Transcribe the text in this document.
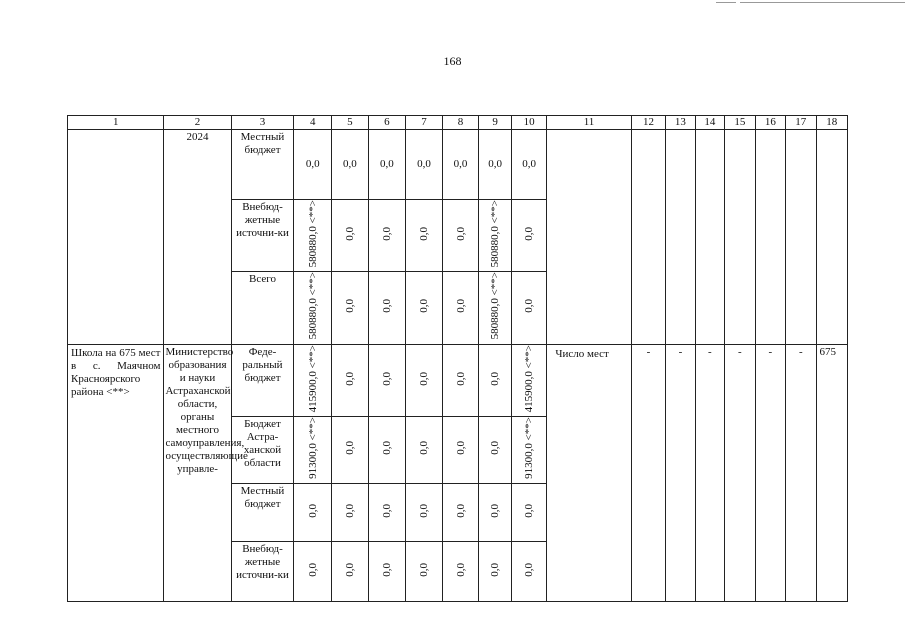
168
1	2	3	4	5	6	7	8	9	10	11	12	13	14	15	16	17	18
	2024	Местный бюджет	0,0	0,0	0,0	0,0	0,0	0,0	0,0								
		Внебюд-жетные источни-ки	580880,0 <**>	0,0	0,0	0,0	0,0	580880,0 <**>	0,0								
		Всего	580880,0 <**>	0,0	0,0	0,0	0,0	580880,0 <**>	0,0								
Школа на 675 мест в с. Маячном Красноярского района <**>	Министерство образования и науки Астраханской области, органы местного самоуправления, осуществляющие управле-	Феде-ральный бюджет	415900,0 <**>	0,0	0,0	0,0	0,0	0,0	415900,0 <**>	Число мест	-	-	-	-	-	-	675
		Бюджет Астра-ханской области	91300,0 <**>	0,0	0,0	0,0	0,0	0,0	91300,0 <**>								
		Местный бюджет	0,0	0,0	0,0	0,0	0,0	0,0	0,0								
		Внебюд-жетные источни-ки	0,0	0,0	0,0	0,0	0,0	0,0	0,0								
